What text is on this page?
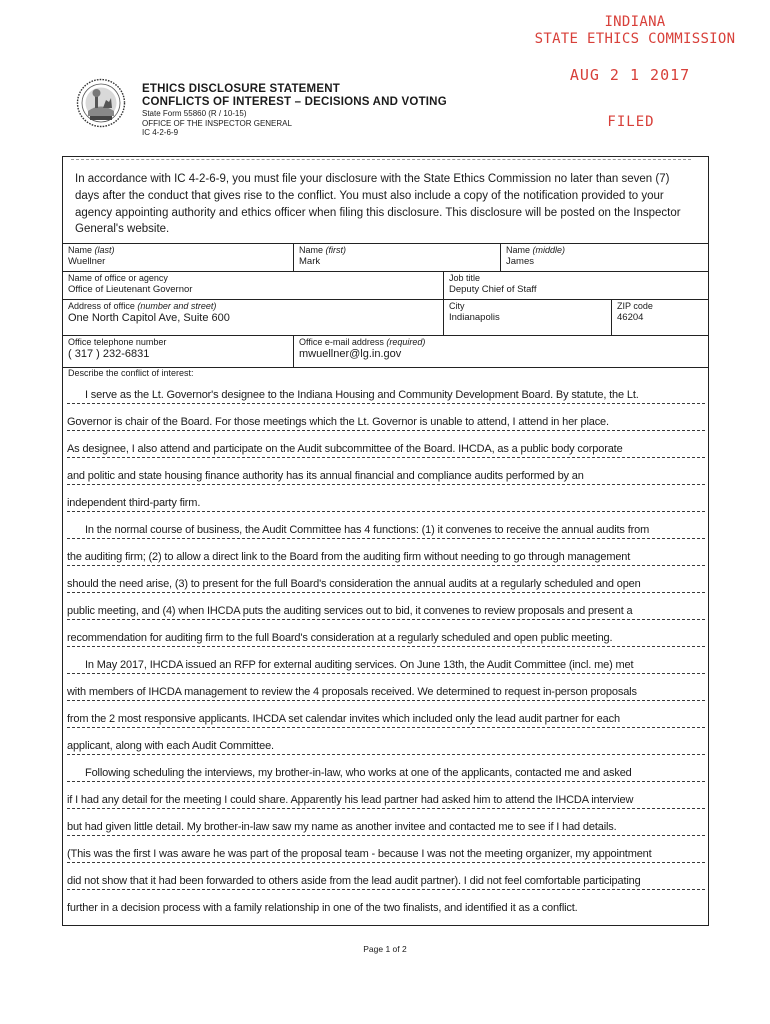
INDIANA
STATE ETHICS COMMISSION
AUG 2 1 2017
FILED
ETHICS DISCLOSURE STATEMENT
CONFLICTS OF INTEREST – DECISIONS AND VOTING
State Form 55860 (R / 10-15)
OFFICE OF THE INSPECTOR GENERAL
IC 4-2-6-9
In accordance with IC 4-2-6-9, you must file your disclosure with the State Ethics Commission no later than seven (7) days after the conduct that gives rise to the conflict. You must also include a copy of the notification provided to your agency appointing authority and ethics officer when filing this disclosure. This disclosure will be posted on the Inspector General's website.
Name (last)
Wuellner
Name (first)
Mark
Name (middle)
James
Name of office or agency
Office of Lieutenant Governor
Job title
Deputy Chief of Staff
Address of office (number and street)
One North Capitol Ave, Suite 600
City
Indianapolis
ZIP code
46204
Office telephone number
( 317 ) 232-6831
Office e-mail address (required)
mwuellner@lg.in.gov
Describe the conflict of interest:
I serve as the Lt. Governor's designee to the Indiana Housing and Community Development Board. By statute, the Lt.
Governor is chair of the Board. For those meetings which the Lt. Governor is unable to attend, I attend in her place.
As designee, I also attend and participate on the Audit subcommittee of the Board. IHCDA, as a public body corporate
and politic and state housing finance authority has its annual financial and compliance audits performed by an
independent third-party firm.
In the normal course of business, the Audit Committee has 4 functions: (1) it convenes to receive the annual audits from
the auditing firm; (2) to allow a direct link to the Board from the auditing firm without needing to go through management
should the need arise, (3) to present for the full Board's consideration the annual audits at a regularly scheduled and open
public meeting, and (4) when IHCDA puts the auditing services out to bid, it convenes to review proposals and present a
recommendation for auditing firm to the full Board's consideration at a regularly scheduled and open public meeting.
In May 2017, IHCDA issued an RFP for external auditing services. On June 13th, the Audit Committee (incl. me) met
with members of IHCDA management to review the 4 proposals received. We determined to request in-person proposals
from the 2 most responsive applicants. IHCDA set calendar invites which included only the lead audit partner for each
applicant, along with each Audit Committee.
Following scheduling the interviews, my brother-in-law, who works at one of the applicants, contacted me and asked
if I had any detail for the meeting I could share. Apparently his lead partner had asked him to attend the IHCDA interview
but had given little detail. My brother-in-law saw my name as another invitee and contacted me to see if I had details.
(This was the first I was aware he was part of the proposal team - because I was not the meeting organizer, my appointment
did not show that it had been forwarded to others aside from the lead audit partner). I did not feel comfortable participating
further in a decision process with a family relationship in one of the two finalists, and identified it as a conflict.
Page 1 of 2
